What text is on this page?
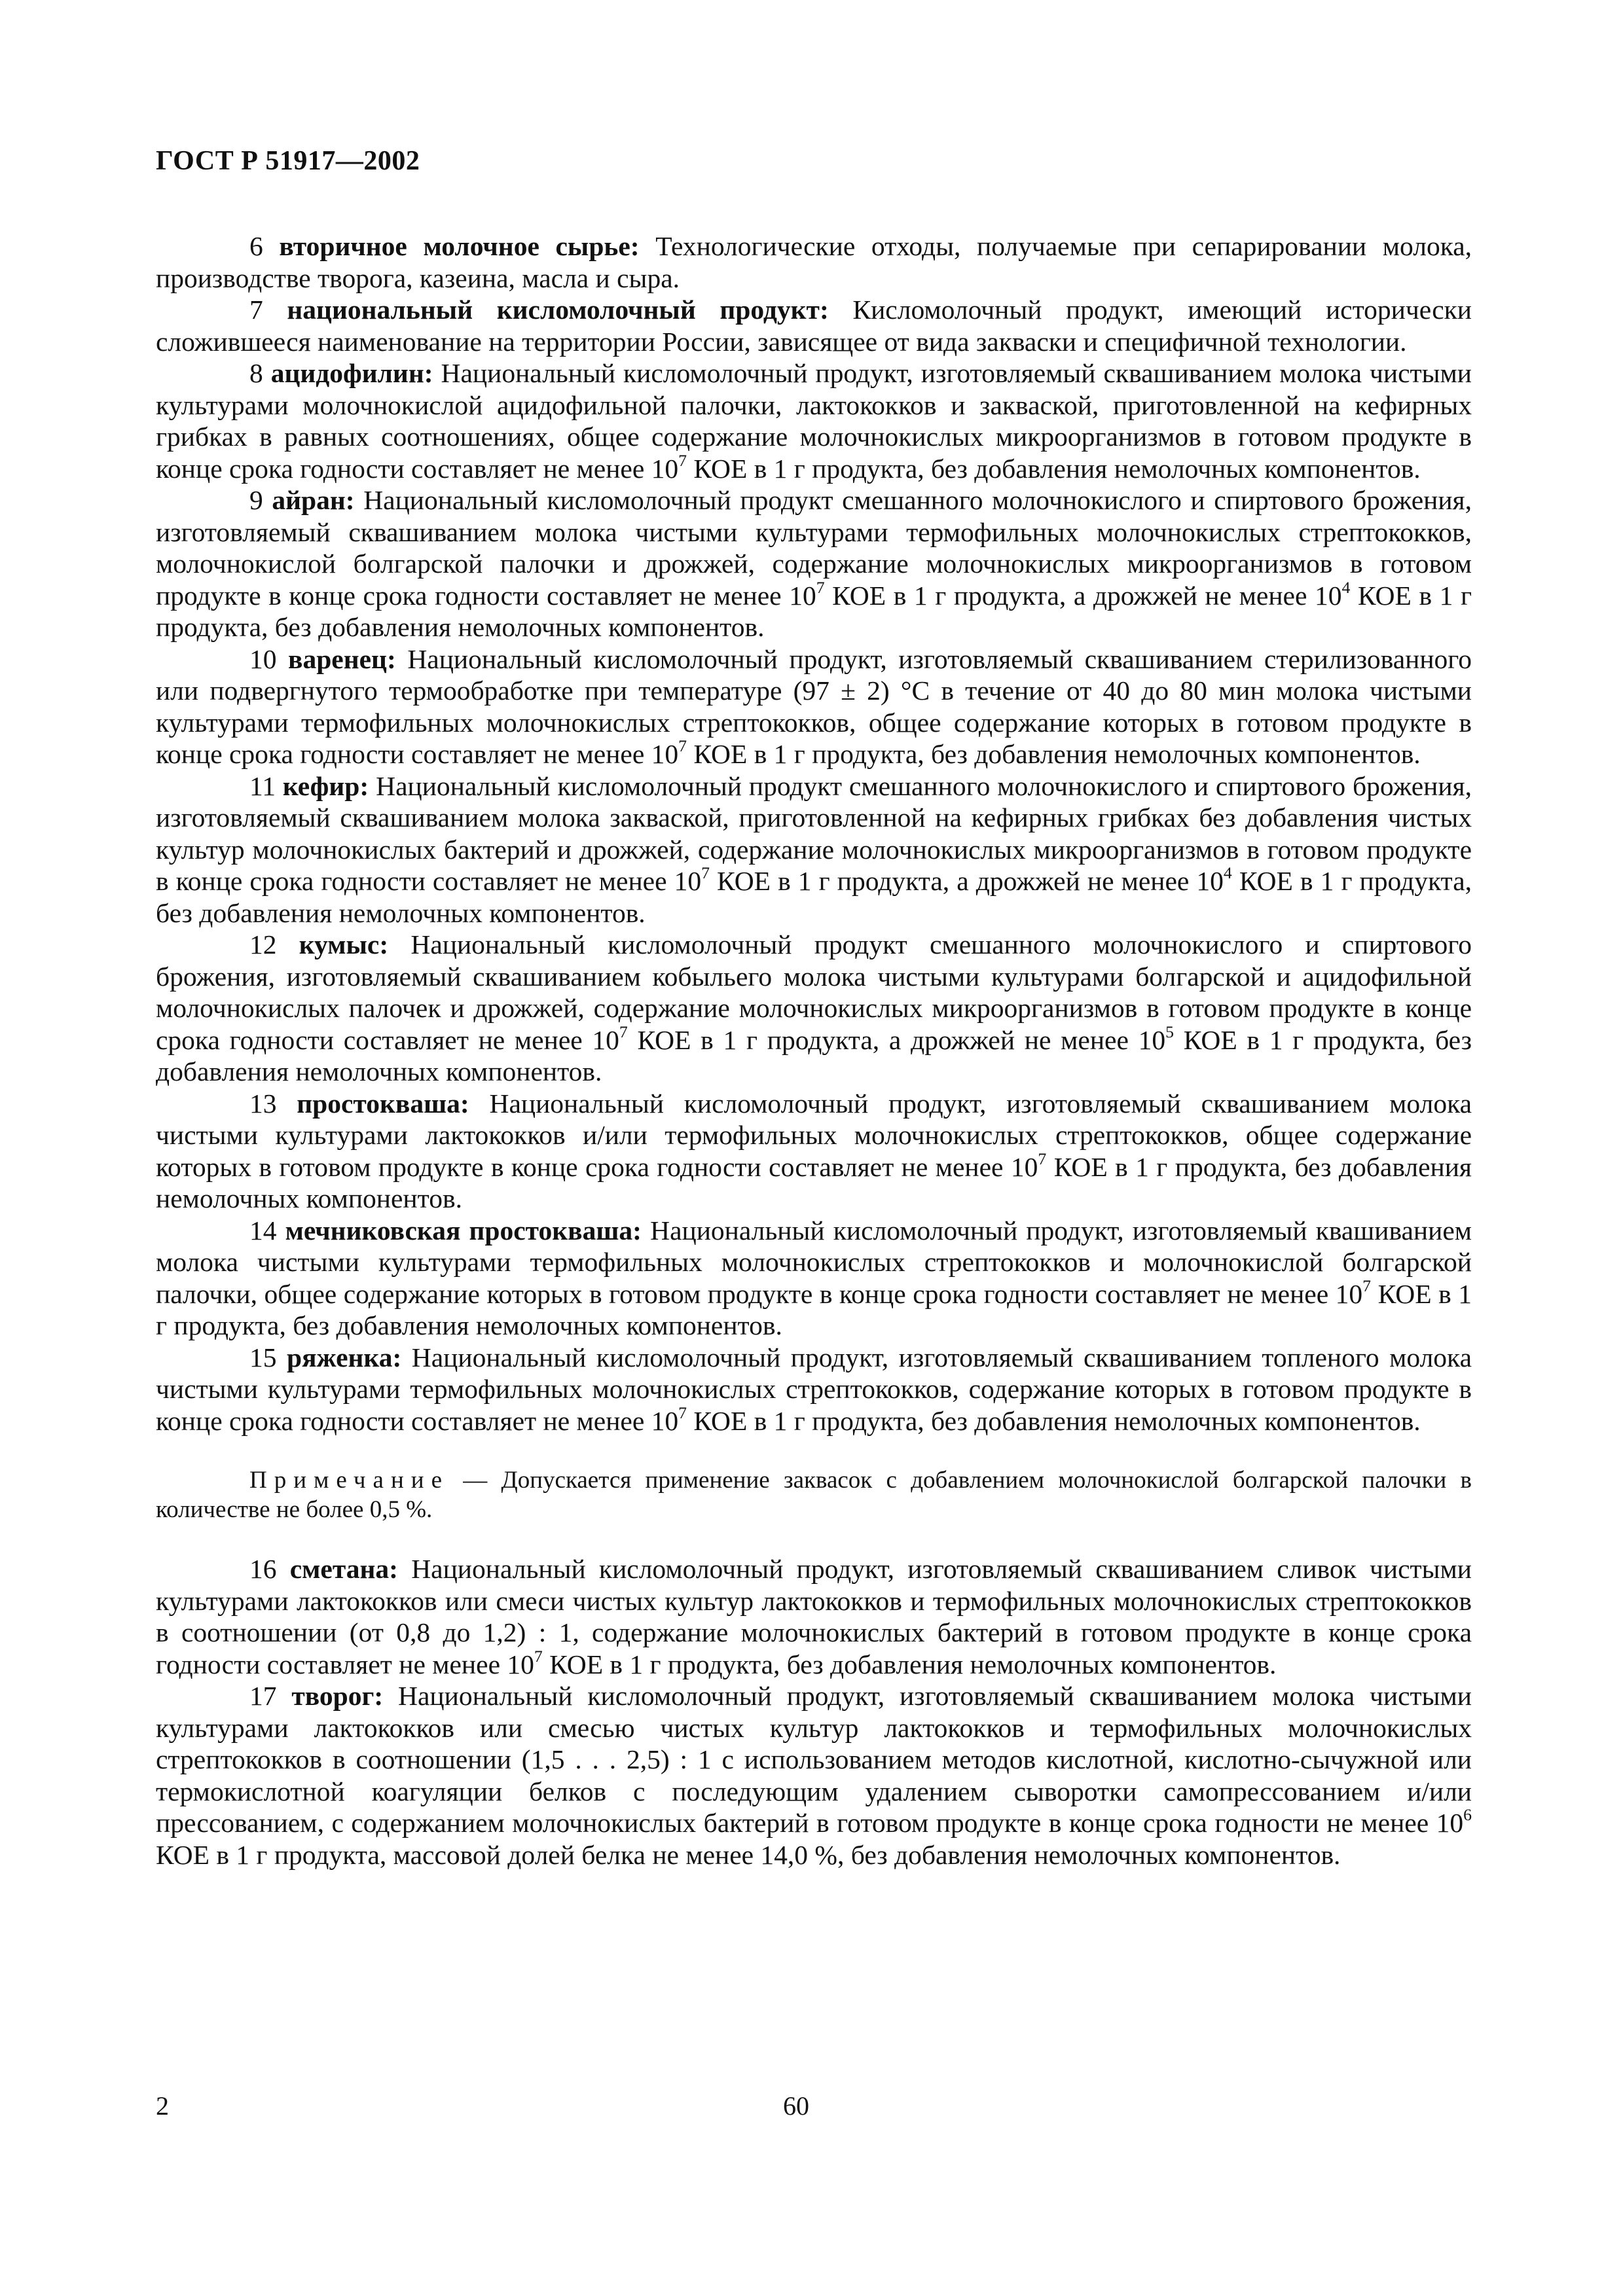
ГОСТ Р 51917—2002

6 вторичное молочное сырье: Технологические отходы, получаемые при сепарировании молока, производстве творога, казеина, масла и сыра.

7 национальный кисломолочный продукт: Кисломолочный продукт, имеющий исторически сложившееся наименование на территории России, зависящее от вида закваски и специфичной технологии.

8 ацидофилин: Национальный кисломолочный продукт, изготовляемый сквашиванием молока чистыми культурами молочнокислой ацидофильной палочки, лактококков и закваской, приготовленной на кефирных грибках в равных соотношениях, общее содержание молочнокислых микроорганизмов в готовом продукте в конце срока годности составляет не менее $10^7$ КОЕ в 1 г продукта, без добавления немолочных компонентов.

9 айран: Национальный кисломолочный продукт смешанного молочнокислого и спиртового брожения, изготовляемый сквашиванием молока чистыми культурами термофильных молочнокислых стрептококков, молочнокислой болгарской палочки и дрожжей, содержание молочнокислых микроорганизмов в готовом продукте в конце срока годности составляет не менее $10^7$ КОЕ в 1 г продукта, а дрожжей не менее $10^4$ КОЕ в 1 г продукта, без добавления немолочных компонентов.

10 варенец: Национальный кисломолочный продукт, изготовляемый сквашиванием стерилизованного или подвергнутого термообработке при температуре (97 ± 2) °С в течение от 40 до 80 мин молока чистыми культурами термофильных молочнокислых стрептококков, общее содержание которых в готовом продукте в конце срока годности составляет не менее $10^7$ КОЕ в 1 г продукта, без добавления немолочных компонентов.

11 кефир: Национальный кисломолочный продукт смешанного молочнокислого и спиртового брожения, изготовляемый сквашиванием молока закваской, приготовленной на кефирных грибках без добавления чистых культур молочнокислых бактерий и дрожжей, содержание молочнокислых микроорганизмов в готовом продукте в конце срока годности составляет не менее $10^7$ КОЕ в 1 г продукта, а дрожжей не менее $10^4$ КОЕ в 1 г продукта, без добавления немолочных компонентов.

12 кумыс: Национальный кисломолочный продукт смешанного молочнокислого и спиртового брожения, изготовляемый сквашиванием кобыльего молока чистыми культурами болгарской и ацидофильной молочнокислых палочек и дрожжей, содержание молочнокислых микроорганизмов в готовом продукте в конце срока годности составляет не менее $10^7$ КОЕ в 1 г продукта, а дрожжей не менее $10^5$ КОЕ в 1 г продукта, без добавления немолочных компонентов.

13 простокваша: Национальный кисломолочный продукт, изготовляемый сквашиванием молока чистыми культурами лактококков и/или термофильных молочнокислых стрептококков, общее содержание которых в готовом продукте в конце срока годности составляет не менее $10^7$ КОЕ в 1 г продукта, без добавления немолочных компонентов.

14 мечниковская простокваша: Национальный кисломолочный продукт, изготовляемый квашиванием молока чистыми культурами термофильных молочнокислых стрептококков и молочнокислой болгарской палочки, общее содержание которых в готовом продукте в конце срока годности составляет не менее $10^7$ КОЕ в 1 г продукта, без добавления немолочных компонентов.

15 ряженка: Национальный кисломолочный продукт, изготовляемый сквашиванием топленого молока чистыми культурами термофильных молочнокислых стрептококков, содержание которых в готовом продукте в конце срока годности составляет не менее $10^7$ КОЕ в 1 г продукта, без добавления немолочных компонентов.

Примечание — Допускается применение заквасок с добавлением молочнокислой болгарской палочки в количестве не более 0,5 %.

16 сметана: Национальный кисломолочный продукт, изготовляемый сквашиванием сливок чистыми культурами лактококков или смеси чистых культур лактококков и термофильных молочнокислых стрептококков в соотношении (от 0,8 до 1,2) : 1, содержание молочнокислых бактерий в готовом продукте в конце срока годности составляет не менее $10^7$ КОЕ в 1 г продукта, без добавления немолочных компонентов.

17 творог: Национальный кисломолочный продукт, изготовляемый сквашиванием молока чистыми культурами лактококков или смесью чистых культур лактококков и термофильных молочнокислых стрептококков в соотношении (1,5 . . . 2,5) : 1 с использованием методов кислотной, кислотно-сычужной или термокислотной коагуляции белков с последующим удалением сыворотки самопрессованием и/или прессованием, с содержанием молочнокислых бактерий в готовом продукте в конце срока годности не менее $10^6$ КОЕ в 1 г продукта, массовой долей белка не менее 14,0 %, без добавления немолочных компонентов.

2	60
